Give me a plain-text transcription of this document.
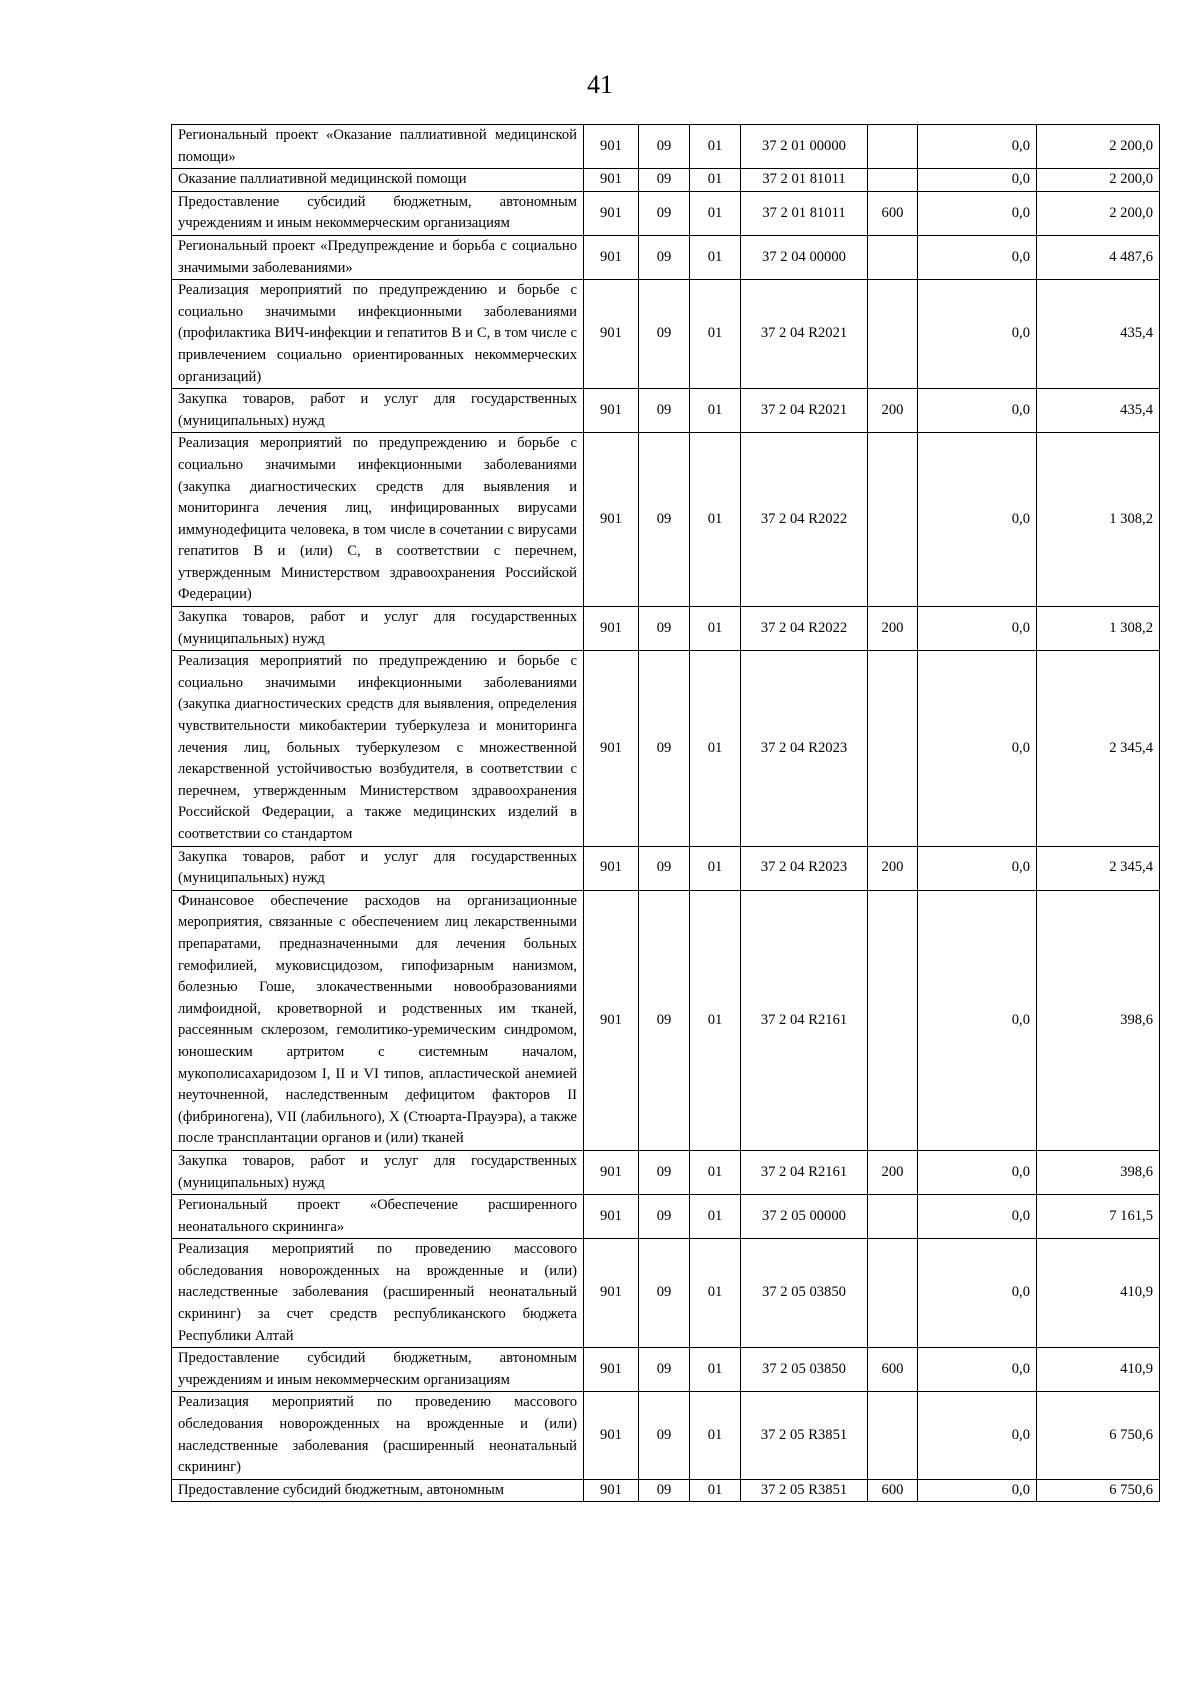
41
Региональный проект «Оказание паллиативной медицинской помощи»	901	09	01	37 2 01 00000		0,0	2 200,0
Оказание паллиативной медицинской помощи	901	09	01	37 2 01 81011		0,0	2 200,0
Предоставление субсидий бюджетным, автономным учреждениям и иным некоммерческим организациям	901	09	01	37 2 01 81011	600	0,0	2 200,0
Региональный проект «Предупреждение и борьба с социально значимыми заболеваниями»	901	09	01	37 2 04 00000		0,0	4 487,6
Реализация мероприятий по предупреждению и борьбе с социально значимыми инфекционными заболеваниями (профилактика ВИЧ-инфекции и гепатитов В и С, в том числе с привлечением социально ориентированных некоммерческих организаций)	901	09	01	37 2 04 R2021		0,0	435,4
Закупка товаров, работ и услуг для государственных (муниципальных) нужд	901	09	01	37 2 04 R2021	200	0,0	435,4
Реализация мероприятий по предупреждению и борьбе с социально значимыми инфекционными заболеваниями (закупка диагностических средств для выявления и мониторинга лечения лиц, инфицированных вирусами иммунодефицита человека, в том числе в сочетании с вирусами гепатитов В и (или) С, в соответствии с перечнем, утвержденным Министерством здравоохранения Российской Федерации)	901	09	01	37 2 04 R2022		0,0	1 308,2
Закупка товаров, работ и услуг для государственных (муниципальных) нужд	901	09	01	37 2 04 R2022	200	0,0	1 308,2
Реализация мероприятий по предупреждению и борьбе с социально значимыми инфекционными заболеваниями (закупка диагностических средств для выявления, определения чувствительности микобактерии туберкулеза и мониторинга лечения лиц, больных туберкулезом с множественной лекарственной устойчивостью возбудителя, в соответствии с перечнем, утвержденным Министерством здравоохранения Российской Федерации, а также медицинских изделий в соответствии со стандартом	901	09	01	37 2 04 R2023		0,0	2 345,4
Закупка товаров, работ и услуг для государственных (муниципальных) нужд	901	09	01	37 2 04 R2023	200	0,0	2 345,4
Финансовое обеспечение расходов на организационные мероприятия, связанные с обеспечением лиц лекарственными препаратами, предназначенными для лечения больных гемофилией, муковисцидозом, гипофизарным нанизмом, болезнью Гоше, злокачественными новообразованиями лимфоидной, кроветворной и родственных им тканей, рассеянным склерозом, гемолитико-уремическим синдромом, юношеским артритом с системным началом, мукополисахаридозом I, II и VI типов, апластической анемией неуточненной, наследственным дефицитом факторов II (фибриногена), VII (лабильного), X (Стюарта-Прауэра), а также после трансплантации органов и (или) тканей	901	09	01	37 2 04 R2161		0,0	398,6
Закупка товаров, работ и услуг для государственных (муниципальных) нужд	901	09	01	37 2 04 R2161	200	0,0	398,6
Региональный проект «Обеспечение расширенного неонатального скрининга»	901	09	01	37 2 05 00000		0,0	7 161,5
Реализация мероприятий по проведению массового обследования новорожденных на врожденные и (или) наследственные заболевания (расширенный неонатальный скрининг) за счет средств республиканского бюджета Республики Алтай	901	09	01	37 2 05 03850		0,0	410,9
Предоставление субсидий бюджетным, автономным учреждениям и иным некоммерческим организациям	901	09	01	37 2 05 03850	600	0,0	410,9
Реализация мероприятий по проведению массового обследования новорожденных на врожденные и (или) наследственные заболевания (расширенный неонатальный скрининг)	901	09	01	37 2 05 R3851		0,0	6 750,6
Предоставление субсидий бюджетным, автономным	901	09	01	37 2 05 R3851	600	0,0	6 750,6
